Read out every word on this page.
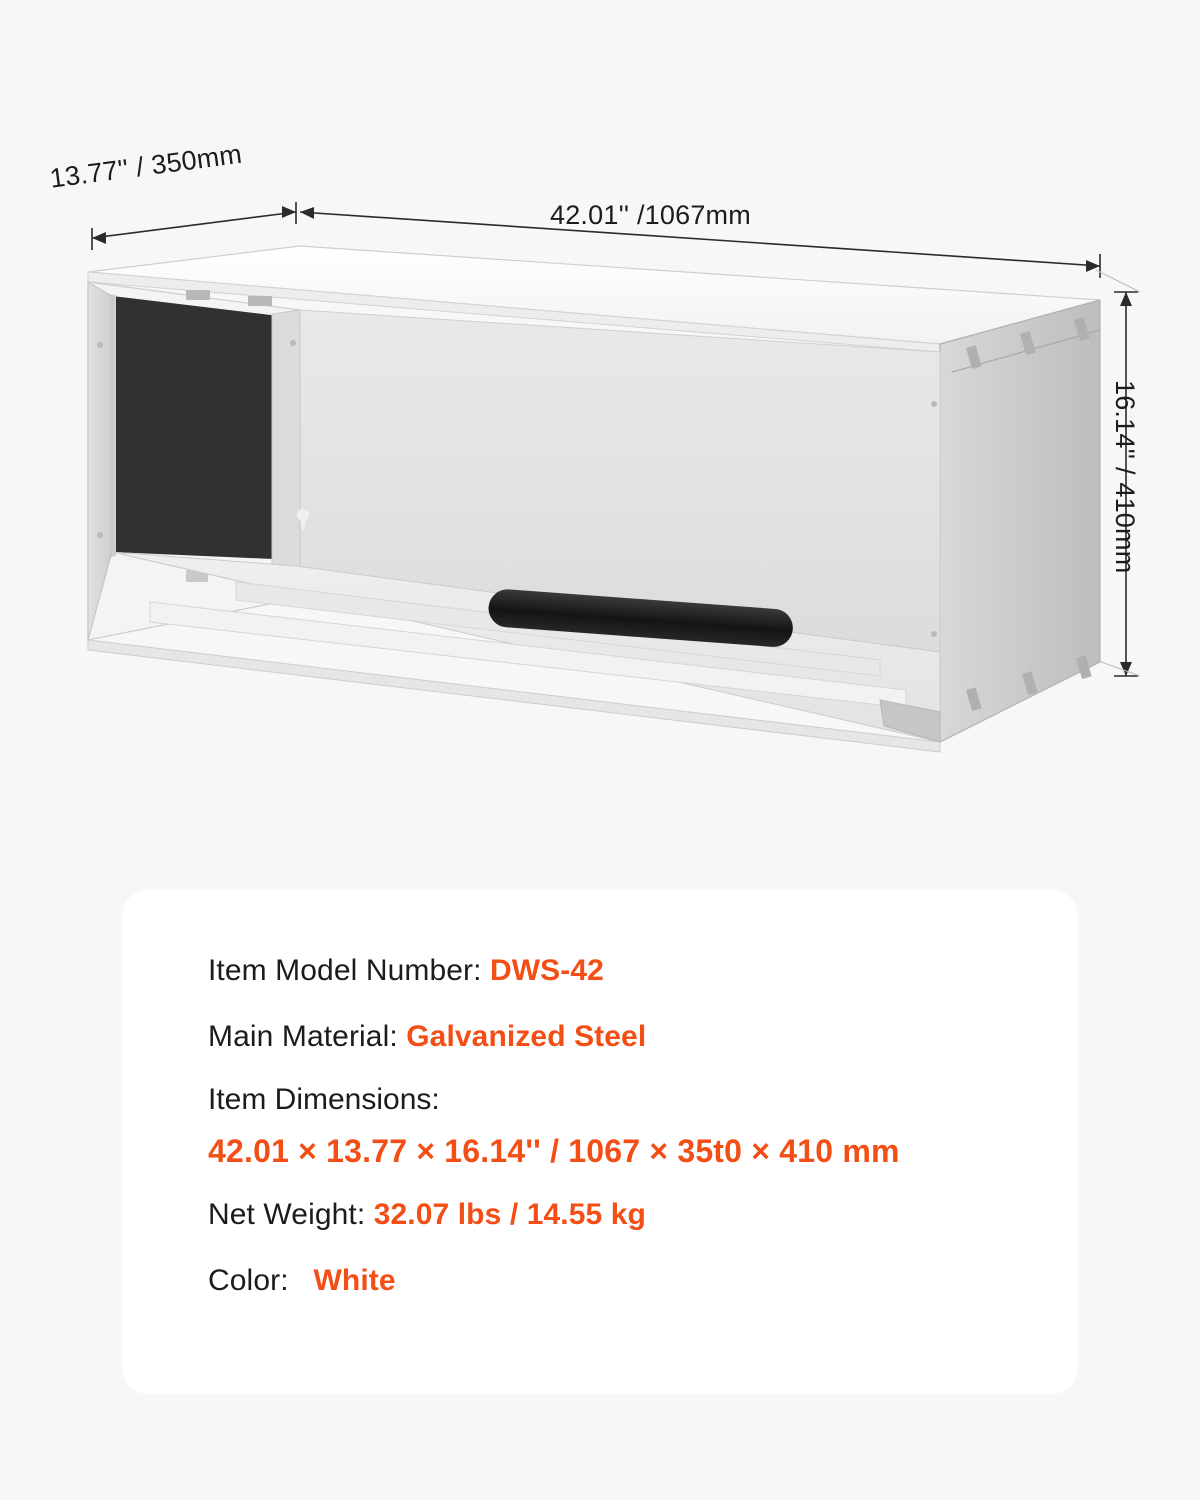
13.77'' / 350mm
42.01'' /1067mm
16.14'' / 410mm
Item Model Number: DWS-42
Main Material: Galvanized Steel
Item Dimensions:
42.01 × 13.77 × 16.14'' / 1067 × 35t0 × 410 mm
Net Weight: 32.07 lbs / 14.55 kg
Color: White
